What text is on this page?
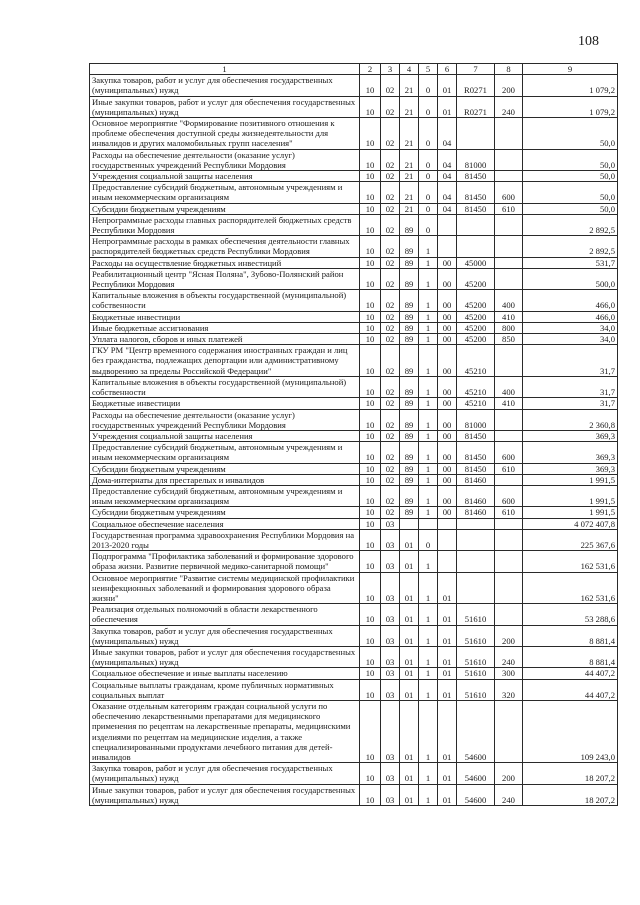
108
1	2	3	4	5	6	7	8	9
Закупка товаров, работ и услуг для обеспечения государственных (муниципальных) нужд	10	02	21	0	01	R0271	200	1 079,2
Иные закупки товаров, работ и услуг для обеспечения государственных (муниципальных) нужд	10	02	21	0	01	R0271	240	1 079,2
Основное мероприятие "Формирование позитивного отношения к проблеме обеспечения доступной среды жизнедеятельности для инвалидов и других маломобильных групп населения"	10	02	21	0	04			50,0
Расходы на обеспечение деятельности (оказание услуг) государственных учреждений Республики Мордовия	10	02	21	0	04	81000		50,0
Учреждения социальной защиты населения	10	02	21	0	04	81450		50,0
Предоставление субсидий бюджетным, автономным учреждениям и иным некоммерческим организациям	10	02	21	0	04	81450	600	50,0
Субсидии бюджетным учреждениям	10	02	21	0	04	81450	610	50,0
Непрограммные расходы главных распорядителей бюджетных средств Республики Мордовия	10	02	89	0				2 892,5
Непрограммные расходы в рамках обеспечения деятельности главных распорядителей бюджетных средств Республики Мордовия	10	02	89	1				2 892,5
Расходы на осуществление бюджетных инвестиций	10	02	89	1	00	45000		531,7
Реабилитационный центр "Ясная Поляна", Зубово-Полянский район Республики Мордовия	10	02	89	1	00	45200		500,0
Капитальные вложения в объекты государственной (муниципальной) собственности	10	02	89	1	00	45200	400	466,0
Бюджетные инвестиции	10	02	89	1	00	45200	410	466,0
Иные бюджетные ассигнования	10	02	89	1	00	45200	800	34,0
Уплата налогов, сборов и иных платежей	10	02	89	1	00	45200	850	34,0
ГКУ РМ "Центр временного содержания иностранных граждан и лиц без гражданства, подлежащих депортации или административному выдворению за пределы Российской Федерации"	10	02	89	1	00	45210		31,7
Капитальные вложения в объекты государственной (муниципальной) собственности	10	02	89	1	00	45210	400	31,7
Бюджетные инвестиции	10	02	89	1	00	45210	410	31,7
Расходы на обеспечение деятельности (оказание услуг) государственных учреждений Республики Мордовия	10	02	89	1	00	81000		2 360,8
Учреждения социальной защиты населения	10	02	89	1	00	81450		369,3
Предоставление субсидий бюджетным, автономным учреждениям и иным некоммерческим организациям	10	02	89	1	00	81450	600	369,3
Субсидии бюджетным учреждениям	10	02	89	1	00	81450	610	369,3
Дома-интернаты для престарелых и инвалидов	10	02	89	1	00	81460		1 991,5
Предоставление субсидий бюджетным, автономным учреждениям и иным некоммерческим организациям	10	02	89	1	00	81460	600	1 991,5
Субсидии бюджетным учреждениям	10	02	89	1	00	81460	610	1 991,5
Социальное обеспечение населения	10	03						4 072 407,8
Государственная программа здравоохранения Республики Мордовия на 2013-2020 годы	10	03	01	0				225 367,6
Подпрограмма "Профилактика заболеваний и формирование здорового образа жизни. Развитие первичной медико-санитарной помощи"	10	03	01	1				162 531,6
Основное мероприятие "Развитие системы медицинской профилактики неинфекционных заболеваний и формирования здорового образа жизни"	10	03	01	1	01			162 531,6
Реализация отдельных полномочий в области лекарственного обеспечения	10	03	01	1	01	51610		53 288,6
Закупка товаров, работ и услуг для обеспечения государственных (муниципальных) нужд	10	03	01	1	01	51610	200	8 881,4
Иные закупки товаров, работ и услуг для обеспечения государственных (муниципальных) нужд	10	03	01	1	01	51610	240	8 881,4
Социальное обеспечение и иные выплаты населению	10	03	01	1	01	51610	300	44 407,2
Социальные выплаты гражданам, кроме публичных нормативных социальных выплат	10	03	01	1	01	51610	320	44 407,2
Оказание отдельным категориям граждан социальной услуги по обеспечению лекарственными препаратами для медицинского применения по рецептам на лекарственные препараты, медицинскими изделиями по рецептам на медицинские изделия, а также специализированными продуктами лечебного питания для детей-инвалидов	10	03	01	1	01	54600		109 243,0
Закупка товаров, работ и услуг для обеспечения государственных (муниципальных) нужд	10	03	01	1	01	54600	200	18 207,2
Иные закупки товаров, работ и услуг для обеспечения государственных (муниципальных) нужд	10	03	01	1	01	54600	240	18 207,2
